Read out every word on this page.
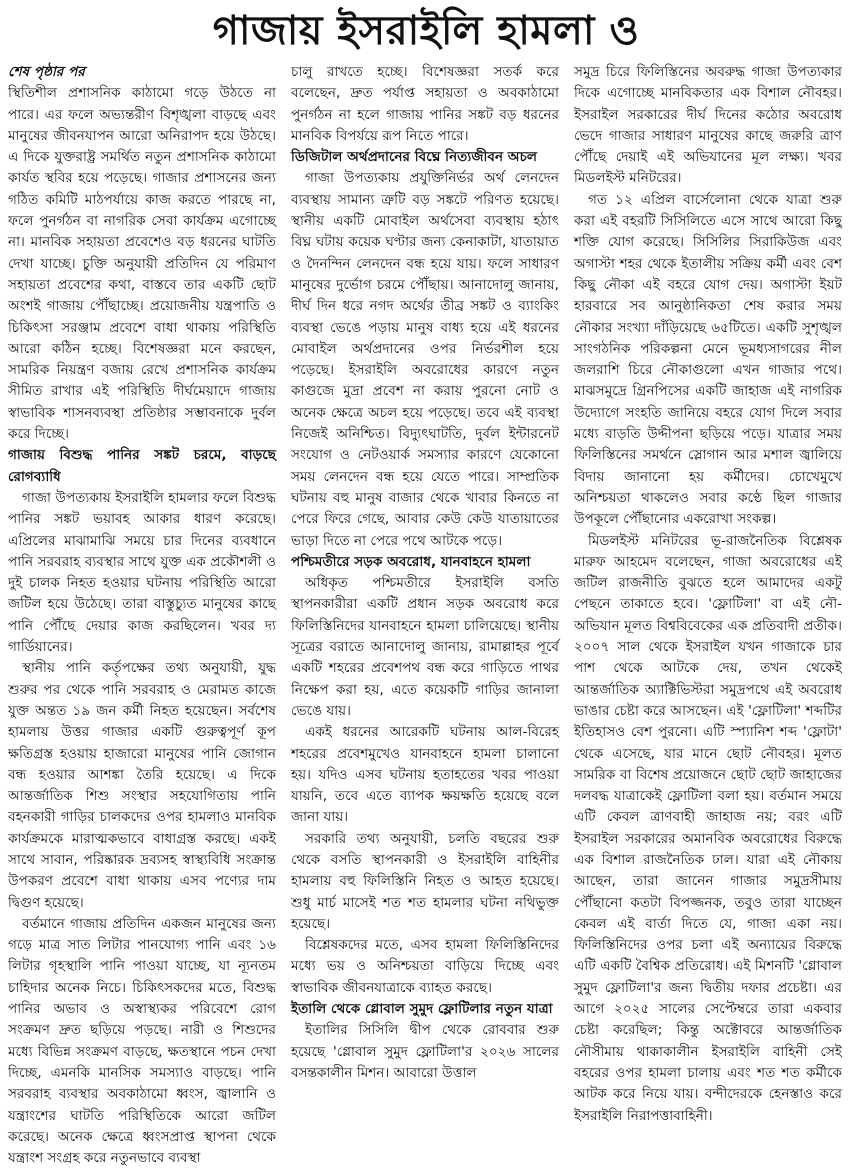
গাজায় ইসরাইলি হামলা ও
শেষ পৃষ্ঠার পর

স্থিতিশীল প্রশাসনিক কাঠামো গড়ে উঠতে না পারে। এর ফলে অভ্যন্তরীণ বিশৃঙ্খলা বাড়ছে এবং মানুষের জীবনযাপন আরো অনিরাপদ হয়ে উঠছে। এ দিকে যুক্তরাষ্ট্র সমর্থিত নতুন প্রশাসনিক কাঠামো কার্যত স্থবির হয়ে পড়েছে। গাজার প্রশাসনের জন্য গঠিত কমিটি মাঠপর্যায়ে কাজ করতে পারছে না, ফলে পুনর্গঠন বা নাগরিক সেবা কার্যক্রম এগোচ্ছে না। মানবিক সহায়তা প্রবেশেও বড় ধরনের ঘাটতি দেখা যাচ্ছে। চুক্তি অনুযায়ী প্রতিদিন যে পরিমাণ সহায়তা প্রবেশের কথা, বাস্তবে তার একটি ছোট অংশই গাজায় পৌঁছাচ্ছে। প্রয়োজনীয় যন্ত্রপাতি ও চিকিৎসা সরঞ্জাম প্রবেশে বাধা থাকায় পরিস্থিতি আরো কঠিন হচ্ছে। বিশেষজ্ঞরা মনে করছেন, সামরিক নিয়ন্ত্রণ বজায় রেখে প্রশাসনিক কার্যক্রম সীমিত রাখার এই পরিস্থিতি দীর্ঘমেয়াদে গাজায় স্বাভাবিক শাসনব্যবস্থা প্রতিষ্ঠার সম্ভাবনাকে দুর্বল করে দিচ্ছে।

গাজায় বিশুদ্ধ পানির সঙ্কট চরমে, বাড়ছে রোগব্যাধি

গাজা উপত্যকায় ইসরাইলি হামলার ফলে বিশুদ্ধ পানির সঙ্কট ভয়াবহ আকার ধারণ করেছে। এপ্রিলের মাঝামাঝি সময়ে চার দিনের ব্যবধানে পানি সরবরাহ ব্যবস্থার সাথে যুক্ত এক প্রকৌশলী ও দুই চালক নিহত হওয়ার ঘটনায় পরিস্থিতি আরো জটিল হয়ে উঠেছে। তারা বাস্তুচ্যুত মানুষের কাছে পানি পৌঁছে দেয়ার কাজ করছিলেন। খবর দ্য গার্ডিয়ানের।

স্থানীয় পানি কর্তৃপক্ষের তথ্য অনুযায়ী, যুদ্ধ শুরুর পর থেকে পানি সরবরাহ ও মেরামত কাজে যুক্ত অন্তত ১৯ জন কর্মী নিহত হয়েছেন। সর্বশেষ হামলায় উত্তর গাজার একটি গুরুত্বপূর্ণ কূপ ক্ষতিগ্রস্ত হওয়ায় হাজারো মানুষের পানি জোগান বন্ধ হওয়ার আশঙ্কা তৈরি হয়েছে। এ দিকে আন্তর্জাতিক শিশু সংস্থার সহযোগিতায় পানি বহনকারী গাড়ির চালকদের ওপর হামলাও মানবিক কার্যক্রমকে মারাত্মকভাবে বাধাগ্রস্ত করছে। একই সাথে সাবান, পরিষ্কারক দ্রব্যসহ স্বাস্থ্যবিধি সংক্রান্ত উপকরণ প্রবেশে বাধা থাকায় এসব পণ্যের দাম দ্বিগুণ হয়েছে।

বর্তমানে গাজায় প্রতিদিন একজন মানুষের জন্য গড়ে মাত্র সাত লিটার পানযোগ্য পানি এবং ১৬ লিটার গৃহস্থালি পানি পাওয়া যাচ্ছে, যা ন্যূনতম চাহিদার অনেক নিচে। চিকিৎসকদের মতে, বিশুদ্ধ পানির অভাব ও অস্বাস্থ্যকর পরিবেশে রোগ সংক্রমণ দ্রুত ছড়িয়ে পড়ছে। নারী ও শিশুদের মধ্যে বিভিন্ন সংক্রমণ বাড়ছে, ক্ষতস্থানে পচন দেখা দিচ্ছে, এমনকি মানসিক সমস্যাও বাড়ছে। পানি সরবরাহ ব্যবস্থার অবকাঠামো ধ্বংস, জ্বালানি ও যন্ত্রাংশের ঘাটতি পরিস্থিতিকে আরো জটিল করেছে। অনেক ক্ষেত্রে ধ্বংসপ্রাপ্ত স্থাপনা থেকে যন্ত্রাংশ সংগ্রহ করে নতুনভাবে ব্যবস্থা

চালু রাখতে হচ্ছে। বিশেষজ্ঞরা সতর্ক করে বলেছেন, দ্রুত পর্যাপ্ত সহায়তা ও অবকাঠামো পুনর্গঠন না হলে গাজায় পানির সঙ্কট বড় ধরনের মানবিক বিপর্যয়ে রূপ নিতে পারে।

ডিজিটাল অর্থপ্রদানের বিঘ্নে নিত্যজীবন অচল

গাজা উপত্যকায় প্রযুক্তিনির্ভর অর্থ লেনদেন ব্যবস্থায় সামান্য ত্রুটি বড় সঙ্কটে পরিণত হয়েছে। স্থানীয় একটি মোবাইল অর্থসেবা ব্যবস্থায় হঠাৎ বিঘ্ন ঘটায় কয়েক ঘণ্টার জন্য কেনাকাটা, যাতায়াত ও দৈনন্দিন লেনদেন বন্ধ হয়ে যায়। ফলে সাধারণ মানুষের দুর্ভোগ চরমে পৌঁছায়। আনাদোলু জানায়, দীর্ঘ দিন ধরে নগদ অর্থের তীব্র সঙ্কট ও ব্যাংকিং ব্যবস্থা ভেঙে পড়ায় মানুষ বাধ্য হয়ে এই ধরনের মোবাইল অর্থপ্রদানের ওপর নির্ভরশীল হয়ে পড়েছে। ইসরাইলি অবরোধের কারণে নতুন কাগুজে মুদ্রা প্রবেশ না করায় পুরনো নোট ও অনেক ক্ষেত্রে অচল হয়ে পড়েছে। তবে এই ব্যবস্থা নিজেই অনিশ্চিত। বিদ্যুৎঘাটতি, দুর্বল ইন্টারনেট সংযোগ ও নেটওয়ার্ক সমস্যার কারণে যেকোনো সময় লেনদেন বন্ধ হয়ে যেতে পারে। সাম্প্রতিক ঘটনায় বহু মানুষ বাজার থেকে খাবার কিনতে না পেরে ফিরে গেছে, আবার কেউ কেউ যাতায়াতের ভাড়া দিতে না পেরে পথে আটকে পড়ে।

পশ্চিমতীরে সড়ক অবরোধ, যানবাহনে হামলা

অধিকৃত পশ্চিমতীরে ইসরাইলি বসতি স্থাপনকারীরা একটি প্রধান সড়ক অবরোধ করে ফিলিস্তিনিদের যানবাহনে হামলা চালিয়েছে। স্থানীয় সূত্রের বরাতে আনাদোলু জানায়, রামাল্লাহর পূর্বে একটি শহরের প্রবেশপথ বন্ধ করে গাড়িতে পাথর নিক্ষেপ করা হয়, এতে কয়েকটি গাড়ির জানালা ভেঙে যায়।

একই ধরনের আরেকটি ঘটনায় আল-বিরেহ শহরের প্রবেশমুখেও যানবাহনে হামলা চালানো হয়। যদিও এসব ঘটনায় হতাহতের খবর পাওয়া যায়নি, তবে এতে ব্যাপক ক্ষয়ক্ষতি হয়েছে বলে জানা যায়।

সরকারি তথ্য অনুযায়ী, চলতি বছরের শুরু থেকে বসতি স্থাপনকারী ও ইসরাইলি বাহিনীর হামলায় বহু ফিলিস্তিনি নিহত ও আহত হয়েছে। শুধু মার্চ মাসেই শত শত হামলার ঘটনা নথিভুক্ত হয়েছে।

বিশ্লেষকদের মতে, এসব হামলা ফিলিস্তিনিদের মধ্যে ভয় ও অনিশ্চয়তা বাড়িয়ে দিচ্ছে এবং স্বাভাবিক জীবনযাত্রাকে ব্যাহত করছে।

ইতালি থেকে গ্লোবাল সুমুদ ফ্লোটিলার নতুন যাত্রা

ইতালির সিসিলি দ্বীপ থেকে রোববার শুরু হয়েছে 'গ্লোবাল সুমুদ ফ্লোটিলা'র ২০২৬ সালের বসন্তকালীন মিশন। আবারো উত্তাল

সমুদ্র চিরে ফিলিস্তিনের অবরুদ্ধ গাজা উপত্যকার দিকে এগোচ্ছে মানবিকতার এক বিশাল নৌবহর। ইসরাইল সরকারের দীর্ঘ দিনের কঠোর অবরোধ ভেদে গাজার সাধারণ মানুষের কাছে জরুরি ত্রাণ পৌঁছে দেয়াই এই অভিযানের মূল লক্ষ্য। খবর মিডলইস্ট মনিটরের।

গত ১২ এপ্রিল বার্সেলোনা থেকে যাত্রা শুরু করা এই বহরটি সিসিলিতে এসে সাথে আরো কিছু শক্তি যোগ করেছে। সিসিলির সিরাকিউজ এবং অগাস্টা শহর থেকে ইতালীয় সক্রিয় কর্মী এবং বেশ কিছু নৌকা এই বহরে যোগ দেয়। অগাস্টা ইয়ট হারবারে সব আনুষ্ঠানিকতা শেষ করার সময় নৌকার সংখ্যা দাঁড়িয়েছে ৬৫টিতে। একটি সুশৃঙ্খল সাংগঠনিক পরিকল্পনা মেনে ভূমধ্যসাগরের নীল জলরাশি চিরে নৌকাগুলো এখন গাজার পথে। মাঝসমুদ্রে গ্রিনপিসের একটি জাহাজ এই নাগরিক উদ্যোগে সংহতি জানিয়ে বহরে যোগ দিলে সবার মধ্যে বাড়তি উদ্দীপনা ছড়িয়ে পড়ে। যাত্রার সময় ফিলিস্তিনের সমর্থনে স্লোগান আর মশাল জ্বালিয়ে বিদায় জানানো হয় কর্মীদের। চোখেমুখে অনিশ্চয়তা থাকলেও সবার কণ্ঠে ছিল গাজার উপকূলে পৌঁছানোর একরোখা সংকল্প।

মিডলইস্ট মনিটরের ভূ-রাজনৈতিক বিশ্লেষক মারুফ আহমেদ বলেছেন, গাজা অবরোধের এই জটিল রাজনীতি বুঝতে হলে আমাদের একটু পেছনে তাকাতে হবে। 'ফ্লোটিলা' বা এই নৌ-অভিযান মূলত বিশ্ববিবেকের এক প্রতিবাদী প্রতীক। ২০০৭ সাল থেকে ইসরাইল যখন গাজাকে চার পাশ থেকে আটকে দেয়, তখন থেকেই আন্তর্জাতিক অ্যাক্টিভিস্টরা সমুদ্রপথে এই অবরোধ ভাঙার চেষ্টা করে আসছেন। এই 'ফ্লোটিলা' শব্দটির ইতিহাসও বেশ পুরনো। এটি স্প্যানিশ শব্দ 'ফ্লোটা' থেকে এসেছে, যার মানে ছোট নৌবহর। মূলত সামরিক বা বিশেষ প্রয়োজনে ছোট ছোট জাহাজের দলবদ্ধ যাত্রাকেই ফ্লোটিলা বলা হয়। বর্তমান সময়ে এটি কেবল ত্রাণবাহী জাহাজ নয়; বরং এটি ইসরাইল সরকারের অমানবিক অবরোধের বিরুদ্ধে এক বিশাল রাজনৈতিক ঢাল। যারা এই নৌকায় আছেন, তারা জানেন গাজার সমুদ্রসীমায় পৌঁছানো কতটা বিপজ্জনক, তবুও তারা যাচ্ছেন কেবল এই বার্তা দিতে যে, গাজা একা নয়। ফিলিস্তিনিদের ওপর চলা এই অন্যায়ের বিরুদ্ধে এটি একটি বৈশ্বিক প্রতিরোধ। এই মিশনটি 'গ্লোবাল সুমুদ ফ্লোটিলা'র জন্য দ্বিতীয় দফার প্রচেষ্টা। এর আগে ২০২৫ সালের সেপ্টেম্বরে তারা একবার চেষ্টা করেছিল; কিন্তু অক্টোবরে আন্তর্জাতিক নৌসীমায় থাকাকালীন ইসরাইলি বাহিনী সেই বহরের ওপর হামলা চালায় এবং শত শত কর্মীকে আটক করে নিয়ে যায়। বন্দীদেরকে হেনস্তাও করে ইসরাইলি নিরাপত্তাবাহিনী।
